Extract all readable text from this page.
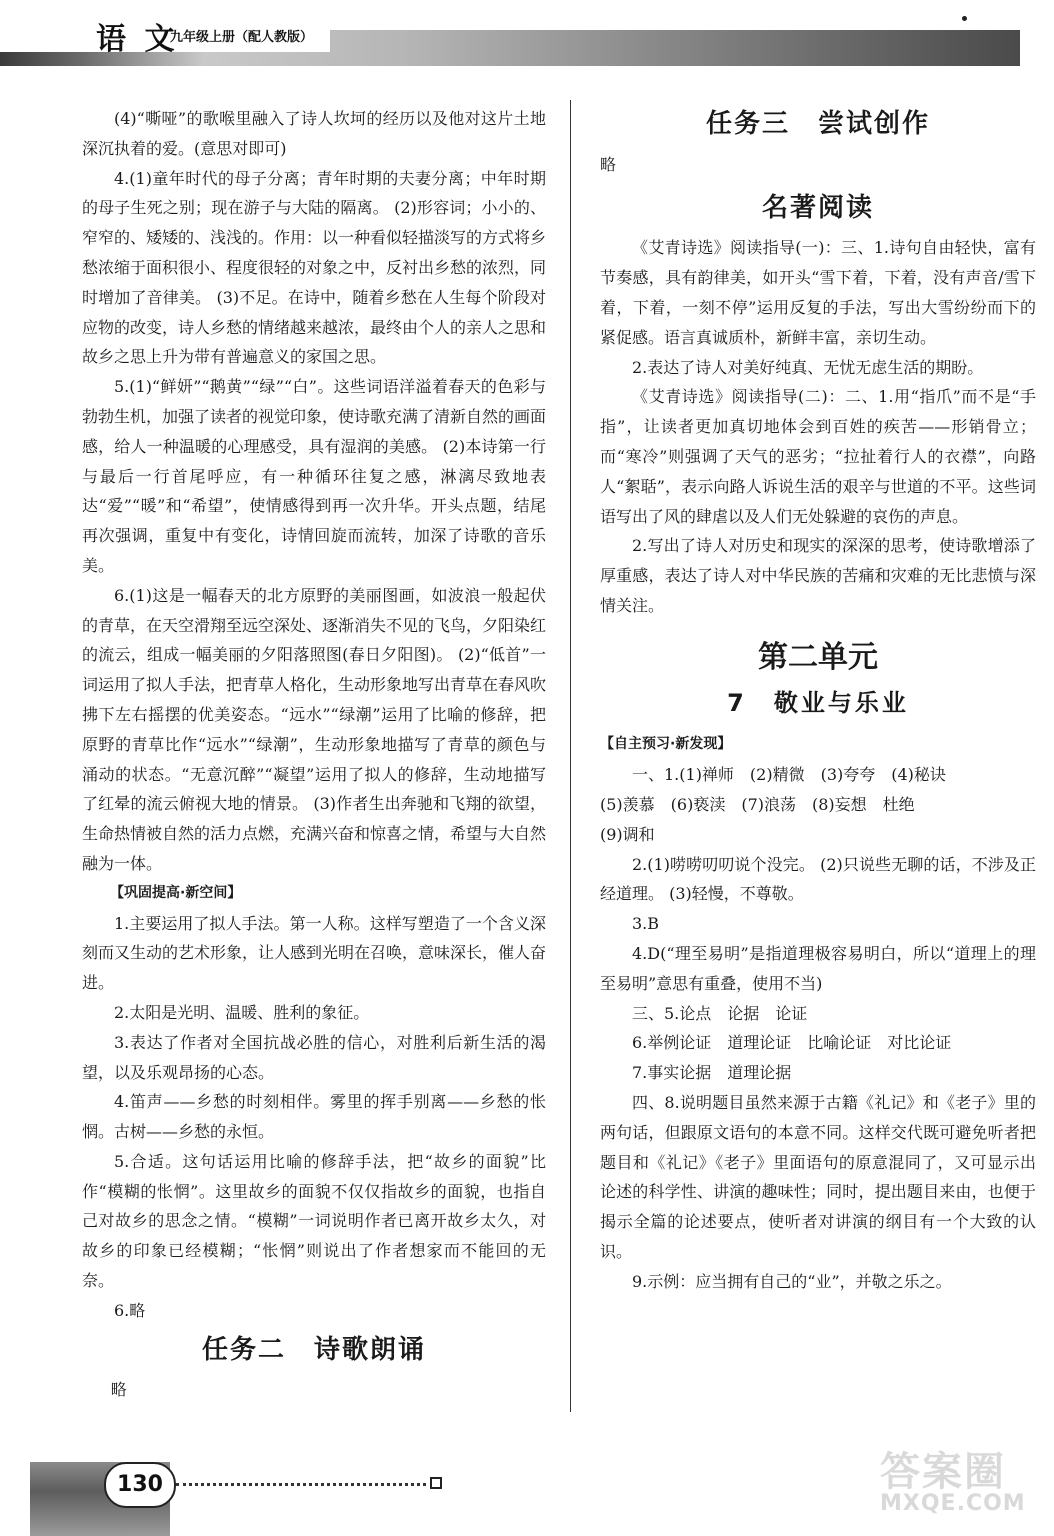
语 文
九年级上册（配人教版）

(4)“嘶哑”的歌喉里融入了诗人坎坷的经历以及他对这片土地深沉执着的爱。(意思对即可)

4.(1)童年时代的母子分离；青年时期的夫妻分离；中年时期的母子生死之别；现在游子与大陆的隔离。 (2)形容词；小小的、窄窄的、矮矮的、浅浅的。作用：以一种看似轻描淡写的方式将乡愁浓缩于面积很小、程度很轻的对象之中，反衬出乡愁的浓烈，同时增加了音律美。 (3)不足。在诗中，随着乡愁在人生每个阶段对应物的改变，诗人乡愁的情绪越来越浓，最终由个人的亲人之思和故乡之思上升为带有普遍意义的家国之思。

5.(1)“鲜妍”“鹅黄”“绿”“白”。这些词语洋溢着春天的色彩与勃勃生机，加强了读者的视觉印象，使诗歌充满了清新自然的画面感，给人一种温暖的心理感受，具有湿润的美感。 (2)本诗第一行与最后一行首尾呼应，有一种循环往复之感，淋漓尽致地表达“爱”“暖”和“希望”，使情感得到再一次升华。开头点题，结尾再次强调，重复中有变化，诗情回旋而流转，加深了诗歌的音乐美。

6.(1)这是一幅春天的北方原野的美丽图画，如波浪一般起伏的青草，在天空滑翔至远空深处、逐渐消失不见的飞鸟，夕阳染红的流云，组成一幅美丽的夕阳落照图(春日夕阳图)。 (2)“低首”一词运用了拟人手法，把青草人格化，生动形象地写出青草在春风吹拂下左右摇摆的优美姿态。“远水”“绿潮”运用了比喻的修辞，把原野的青草比作“远水”“绿潮”，生动形象地描写了青草的颜色与涌动的状态。“无意沉醉”“凝望”运用了拟人的修辞，生动地描写了红晕的流云俯视大地的情景。 (3)作者生出奔驰和飞翔的欲望，生命热情被自然的活力点燃，充满兴奋和惊喜之情，希望与大自然融为一体。

【巩固提高·新空间】

1.主要运用了拟人手法。第一人称。这样写塑造了一个含义深刻而又生动的艺术形象，让人感到光明在召唤，意味深长，催人奋进。

2.太阳是光明、温暖、胜利的象征。

3.表达了作者对全国抗战必胜的信心，对胜利后新生活的渴望，以及乐观昂扬的心态。

4.笛声——乡愁的时刻相伴。雾里的挥手别离——乡愁的怅惘。古树——乡愁的永恒。

5.合适。这句话运用比喻的修辞手法，把“故乡的面貌”比作“模糊的怅惘”。这里故乡的面貌不仅仅指故乡的面貌，也指自己对故乡的思念之情。“模糊”一词说明作者已离开故乡太久，对故乡的印象已经模糊；“怅惘”则说出了作者想家而不能回的无奈。

6.略

任务二　诗歌朗诵

略

任务三　尝试创作

略

名著阅读

《艾青诗选》阅读指导(一)：三、1.诗句自由轻快，富有节奏感，具有韵律美，如开头“雪下着，下着，没有声音/雪下着，下着，一刻不停”运用反复的手法，写出大雪纷纷而下的紧促感。语言真诚质朴，新鲜丰富，亲切生动。

2.表达了诗人对美好纯真、无忧无虑生活的期盼。

《艾青诗选》阅读指导(二)：二、1.用“指爪”而不是“手指”，让读者更加真切地体会到百姓的疾苦——形销骨立；而“寒冷”则强调了天气的恶劣；“拉扯着行人的衣襟”，向路人“絮聒”，表示向路人诉说生活的艰辛与世道的不平。这些词语写出了风的肆虐以及人们无处躲避的哀伤的声息。

2.写出了诗人对历史和现实的深深的思考，使诗歌增添了厚重感，表达了诗人对中华民族的苦痛和灾难的无比悲愤与深情关注。

第二单元
7　敬业与乐业

【自主预习·新发现】

一、1.(1)禅师　(2)精微　(3)夸夸　(4)秘诀

(5)羡慕　(6)亵渎　(7)浪荡　(8)妄想　杜绝

(9)调和

2.(1)唠唠叨叨说个没完。 (2)只说些无聊的话，不涉及正经道理。 (3)轻慢，不尊敬。

3.B

4.D(“理至易明”是指道理极容易明白，所以“道理上的理至易明”意思有重叠，使用不当)

三、5.论点　论据　论证

6.举例论证　道理论证　比喻论证　对比论证

7.事实论据　道理论据

四、8.说明题目虽然来源于古籍《礼记》和《老子》里的两句话，但跟原文语句的本意不同。这样交代既可避免听者把题目和《礼记》《老子》里面语句的原意混同了，又可显示出论述的科学性、讲演的趣味性；同时，提出题目来由，也便于揭示全篇的论述要点，使听者对讲演的纲目有一个大致的认识。

9.示例：应当拥有自己的“业”，并敬之乐之。

130	答案圈
MXQE.COM
